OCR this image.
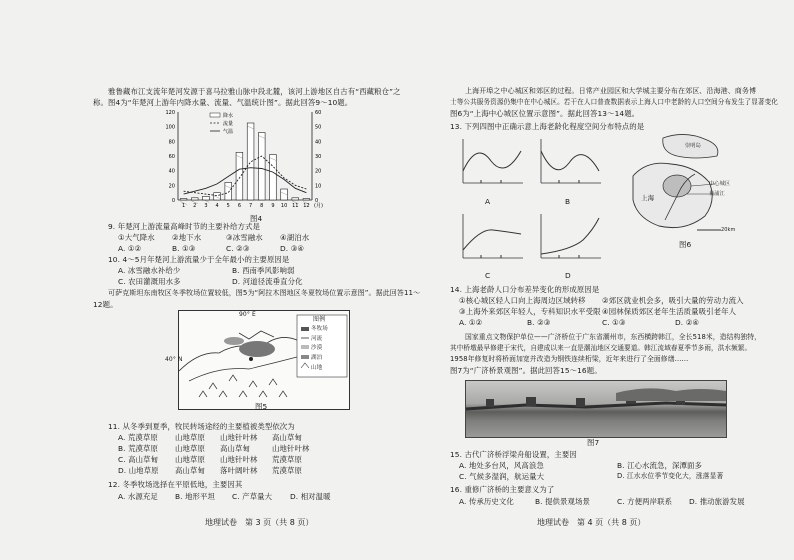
雅鲁藏布江支流年楚河发源于喜马拉雅山脉中段北麓，该河上游地区自古有“西藏粮仓”之
称。图4为“年楚河上游年内降水量、流量、气温统计图”。据此回答9～10题。
120
100
80
60
40
20
0
60
50
40
30
20
10
0
1 2 3 4 5 6 7 8 9 10 11 12 (月)
降水
流量
气温
图4
9. 年楚河上游流量高峰时节的主要补给方式是
①大气降水 ②地下水	③冰雪融水 ④湖泊水
A. ①②	B. ①③	C. ②③	D. ③④
10. 4～5月年楚河上游流量少于全年最小的主要原因是
A. 冰雪融水补给少	B. 西南季风影响弱
C. 农田灌溉用水多	D. 河道径流垂直分化
可萨克斯坦东南牧区冬季牧场位置较低，图5为“阿拉木图地区冬夏牧场位置示意图”。据此回答11～
12题。
90° E
图例
冬牧场
河流
沙漠
湖泊
山地
40° N
图5
11. 从冬季到夏季，牧民转场途经的主要植被类型依次为
A. 荒漠草原 山地草原 山地针叶林 高山草甸
B. 荒漠草原 山地草原 高山草甸	山地针叶林
C. 高山草甸 山地草原 山地针叶林 荒漠草原
D. 山地草原 高山草甸 落叶阔叶林 荒漠草原
12. 冬季牧场选择在平原低地，主要因其
A. 水源充足 B. 地形平坦 C. 产草量大 D. 相对温暖
地理试卷　第 3 页（共 8 页）
上海开埠之中心城区和郊区的过程。日常产业园区和大学城主要分布在郊区、沿海港、商务博
士等公共服务资源仍集中在中心城区。若干在人口普查数据表示上海人口中老龄的人口空间分布发生了显著变化
图6为“上海中心城区位置示意图”。据此回答13～14题。
13. 下列四图中正确示意上海老龄化程度空间分布特点的是
A	B
C	D
上海
中心城区
崇明岛
黄浦江
20km
图6
14. 上海老龄人口分布差异变化的形成原因是
①核心城区轻人口向上海周边区域转移 ②郊区就业机会多，吸引大量的劳动力流入
③上海外来郊区年轻人，专科知识水平受限 ④园林保质郊区老年生活质量吸引老年人
A. ①②	B. ②③	C. ①③	D. ②④
国家重点文物保护单位——广济桥位于广东省潮州市，东西横跨韩江，全长518米，造结构独特，
其中桥墩最早修建于宋代，自建成以来一直是潮汕地区交通要道。韩江流域春夏季节多雨，洪水频繁。
1958年修复时将桥面加宽并改造为钢铁连续桁梁，近年来进行了全面修缮……
图7为“广济桥景观图”。据此回答15～16题。
图7
15. 古代广济桥浮梁舟船设置，主要因
A. 地处多台风，风高浪急	B. 江心水流急，深潭面多
C. 气候多湿润，航运量大	D. 江水水位季节变化大，涨落显著
16. 重修广济桥的主要意义为了
A. 传承历史文化	B. 提供景观场景	C. 方便两岸联系 D. 推动旅游发展
地理试卷　第 4 页（共 8 页）
